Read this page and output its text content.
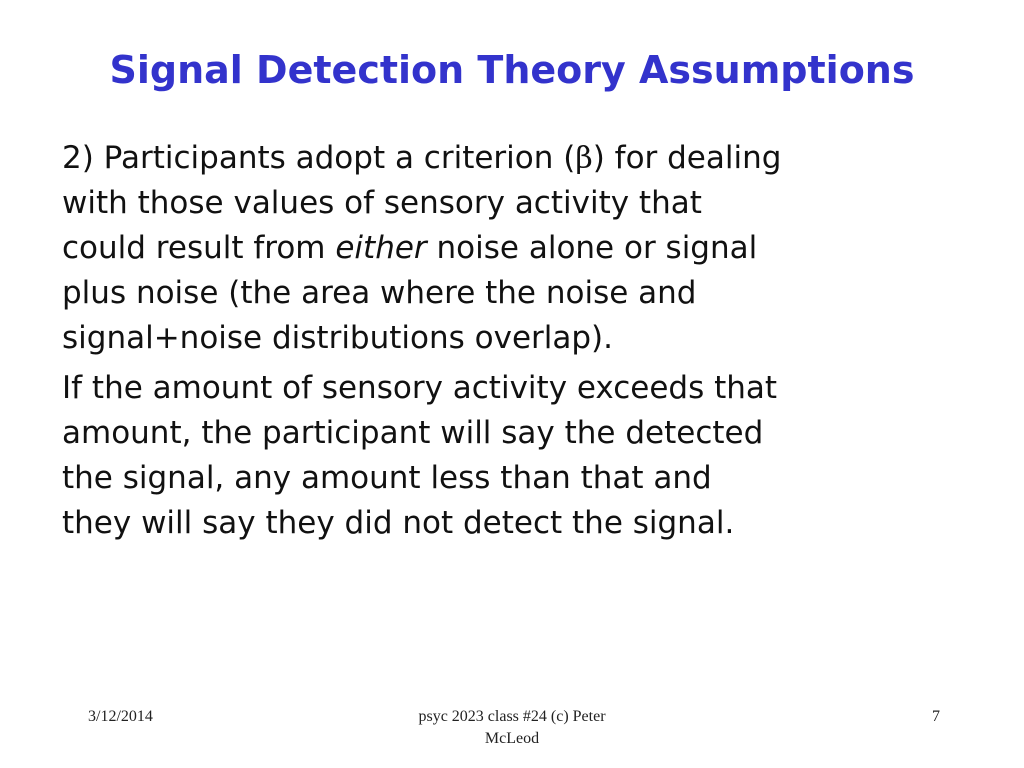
Signal Detection Theory Assumptions

2) Participants adopt a criterion (β) for dealing
with those values of sensory activity that
could result from either noise alone or signal
plus noise (the area where the noise and
signal+noise distributions overlap).

If the amount of sensory activity exceeds that
amount, the participant will say the detected
the signal, any amount less than that and
they will say they did not detect the signal.

3/12/2014	psyc 2023 class #24 (c) Peter
McLeod
7
